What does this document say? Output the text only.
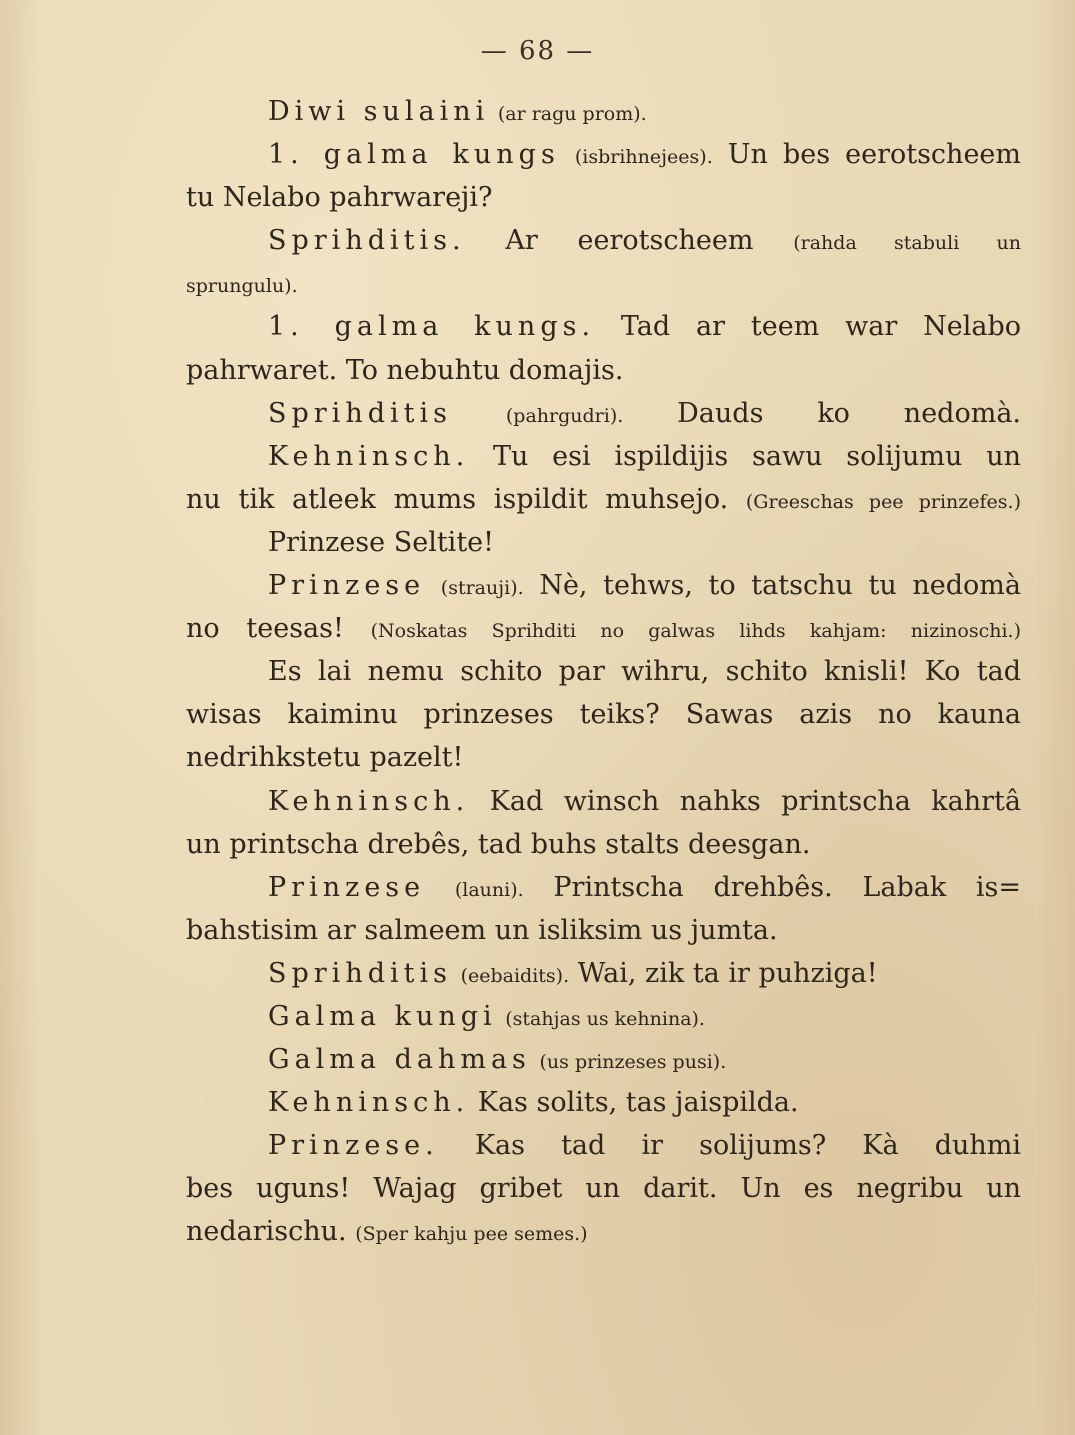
— 68 —
Diwi sulaini (ar ragu prom).
1. galma kungs (isbrihnejees). Un bes eerotscheem
tu Nelabo pahrwareji?
Sprihditis. Ar eerotscheem (rahda stabuli un
sprungulu).
1. galma kungs. Tad ar teem war Nelabo
pahrwaret. To nebuhtu domajis.
Sprihditis	(pahrgudri). Dauds ko nedomà.
Kehninsch. Tu esi ispildijis sawu solijumu un
nu tik atleek mums ispildit muhsejo. (Greeschas pee prinzefes.)
Prinzese Seltite!
Prinzese (strauji). Nè, tehws, to tatschu tu nedomà
no teesas! (Noskatas Sprihditi no galwas lihds kahjam: nizinoschi.)
Es lai nemu schito par wihru, schito knisli! Ko tad
wisas kaiminu prinzeses teiks? Sawas azis no kauna
nedrihkstetu pazelt!
Kehninsch. Kad winsch nahks printscha kahrtâ
un printscha drebês, tad buhs stalts deesgan.
Prinzese (launi). Printscha drehbês. Labak is=
bahstisim ar salmeem un isliksim us jumta.
Sprihditis (eebaidits). Wai, zik ta ir puhziga!
Galma kungi (stahjas us kehnina).
Galma dahmas (us prinzeses pusi).
Kehninsch. Kas solits, tas jaispilda.
Prinzese. Kas tad ir solijums? Kà duhmi
bes uguns! Wajag gribet un darit. Un es negribu un
nedarischu. (Sper kahju pee semes.)
